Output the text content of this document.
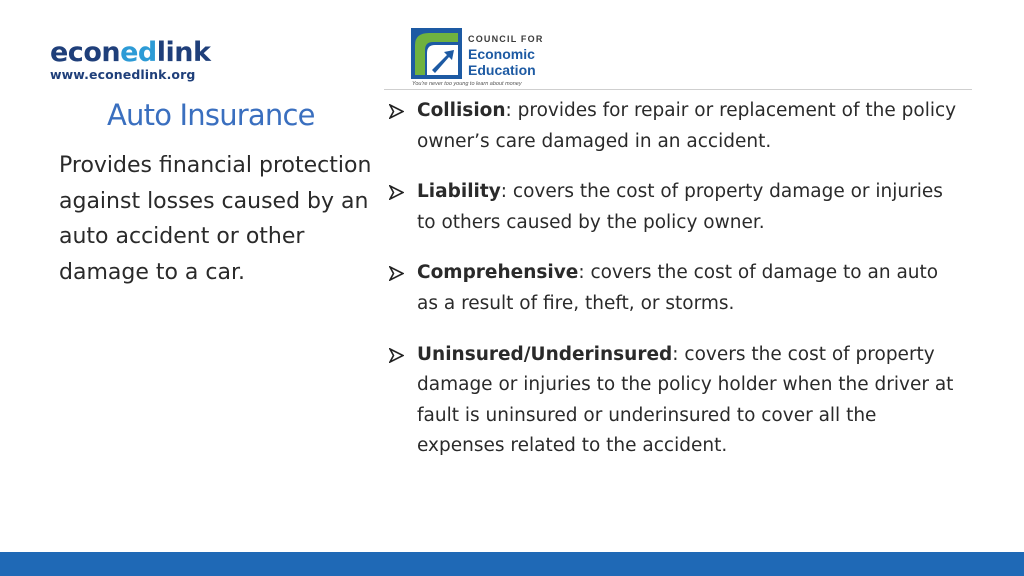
econedlink
www.econedlink.org
COUNCIL FOR
Economic
Education
You're never too young to learn about money
Auto Insurance
Provides financial protection against losses caused by an auto accident or other damage to a car.
Collision: provides for repair or replacement of the policy owner’s care damaged in an accident.
Liability: covers the cost of property damage or injuries to others caused by the policy owner.
Comprehensive: covers the cost of damage to an auto as a result of fire, theft, or storms.
Uninsured/Underinsured: covers the cost of property damage or injuries to the policy holder when the driver at fault is uninsured or underinsured to cover all the expenses related to the accident.
